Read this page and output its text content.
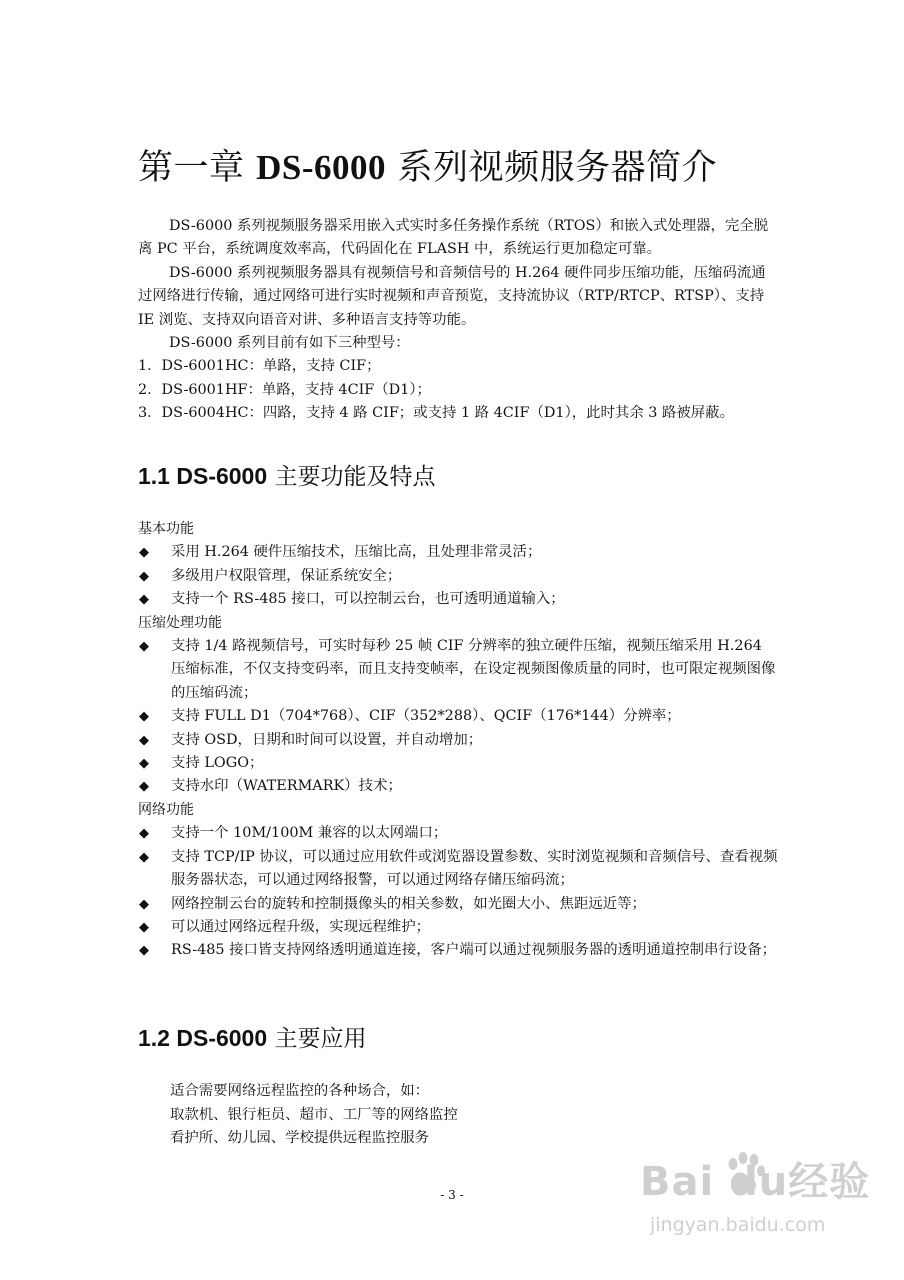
第一章 DS-6000 系列视频服务器简介

DS-6000 系列视频服务器采用嵌入式实时多任务操作系统（RTOS）和嵌入式处理器，完全脱离 PC 平台，系统调度效率高，代码固化在 FLASH 中，系统运行更加稳定可靠。

DS-6000 系列视频服务器具有视频信号和音频信号的 H.264 硬件同步压缩功能，压缩码流通过网络进行传输，通过网络可进行实时视频和声音预览，支持流协议（RTP/RTCP、RTSP）、支持 IE 浏览、支持双向语音对讲、多种语言支持等功能。

DS-6000 系列目前有如下三种型号：

1．DS-6001HC：单路，支持 CIF；
2．DS-6001HF：单路，支持 4CIF（D1）；
3．DS-6004HC：四路，支持 4 路 CIF；或支持 1 路 4CIF（D1），此时其余 3 路被屏蔽。
1.1 DS-6000 主要功能及特点

基本功能

◆ 采用 H.264 硬件压缩技术，压缩比高，且处理非常灵活；
◆ 多级用户权限管理，保证系统安全；
◆ 支持一个 RS-485 接口，可以控制云台，也可透明通道输入；

压缩处理功能

◆ 支持 1/4 路视频信号，可实时每秒 25 帧 CIF 分辨率的独立硬件压缩，视频压缩采用 H.264 压缩标准，不仅支持变码率，而且支持变帧率，在设定视频图像质量的同时，也可限定视频图像的压缩码流；
◆ 支持 FULL D1（704*768）、CIF（352*288）、QCIF（176*144）分辨率；
◆ 支持 OSD，日期和时间可以设置，并自动增加；
◆ 支持 LOGO；
◆ 支持水印（WATERMARK）技术；

网络功能

◆ 支持一个 10M/100M 兼容的以太网端口；
◆ 支持 TCP/IP 协议，可以通过应用软件或浏览器设置参数、实时浏览视频和音频信号、查看视频服务器状态，可以通过网络报警，可以通过网络存储压缩码流；
◆ 网络控制云台的旋转和控制摄像头的相关参数，如光圈大小、焦距远近等；
◆ 可以通过网络远程升级，实现远程维护；
◆ RS-485 接口皆支持网络透明通道连接，客户端可以通过视频服务器的透明通道控制串行设备；
1.2 DS-6000 主要应用

适合需要网络远程监控的各种场合，如：

取款机、银行柜员、超市、工厂等的网络监控

看护所、幼儿园、学校提供远程监控服务

- 3 -	Bai du经验
jingyan.baidu.com
